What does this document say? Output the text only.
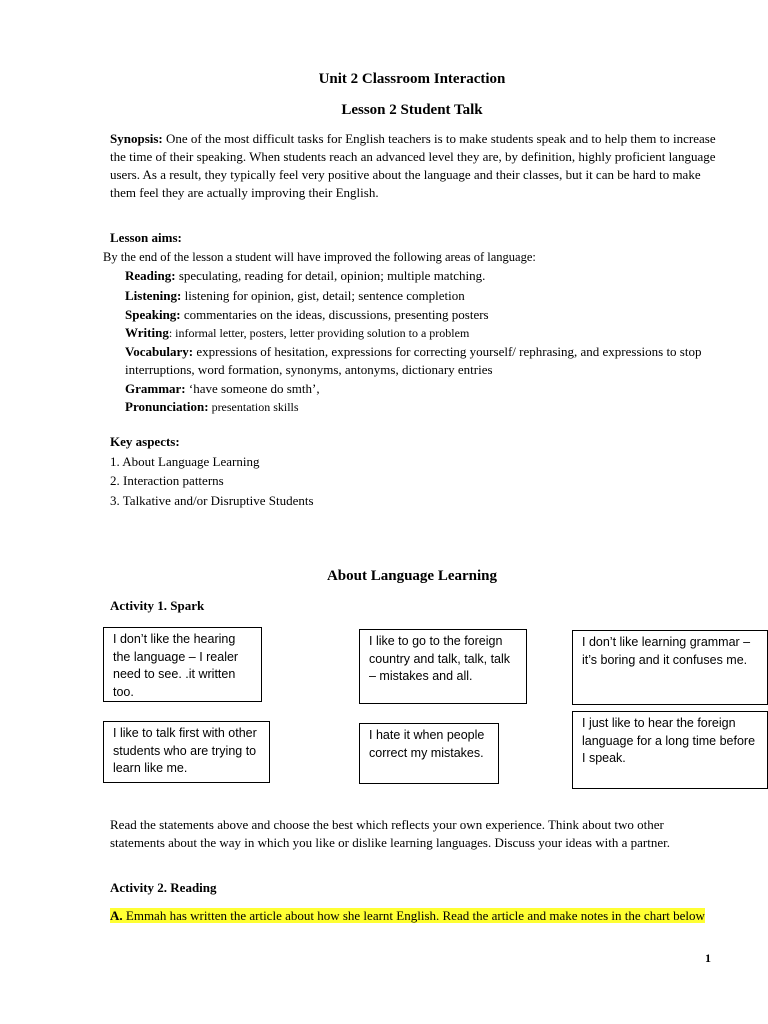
Unit 2 Classroom Interaction
Lesson 2 Student Talk

Synopsis: One of the most difficult tasks for English teachers is to make students speak and to help them to increase the time of their speaking. When students reach an advanced level they are, by definition, highly proficient language users. As a result, they typically feel very positive about the language and their classes, but it can be hard to make them feel they are actually improving their English.

Lesson aims:
By the end of the lesson a student will have improved the following areas of language:
Reading: speculating, reading for detail, opinion; multiple matching.
Listening: listening for opinion, gist, detail; sentence completion
Speaking: commentaries on the ideas, discussions, presenting posters
Writing: informal letter, posters, letter providing solution to a problem
Vocabulary: expressions of hesitation, expressions for correcting yourself/ rephrasing, and expressions to stop interruptions, word formation, synonyms, antonyms, dictionary entries
Grammar: ‘have someone do smth’,
Pronunciation: presentation skills
Key aspects:
1. About Language Learning
2. Interaction patterns
3. Talkative and/or Disruptive Students
About Language Learning
Activity 1. Spark
I don’t like the hearing the language – I realer need to see. .it written too.
I like to go to the foreign country and talk, talk, talk – mistakes and all.
I don’t like learning grammar – it’s boring and it confuses me.
I like to talk first with other students who are trying to learn like me.
I hate it when people correct my mistakes.
I just like to hear the foreign language for a long time before I speak.

Read the statements above and choose the best which reflects your own experience. Think about two other statements about the way in which you like or dislike learning languages. Discuss your ideas with a partner.

Activity 2. Reading

A. Emmah has written the article about how she learnt English. Read the article and make notes in the chart below

1
